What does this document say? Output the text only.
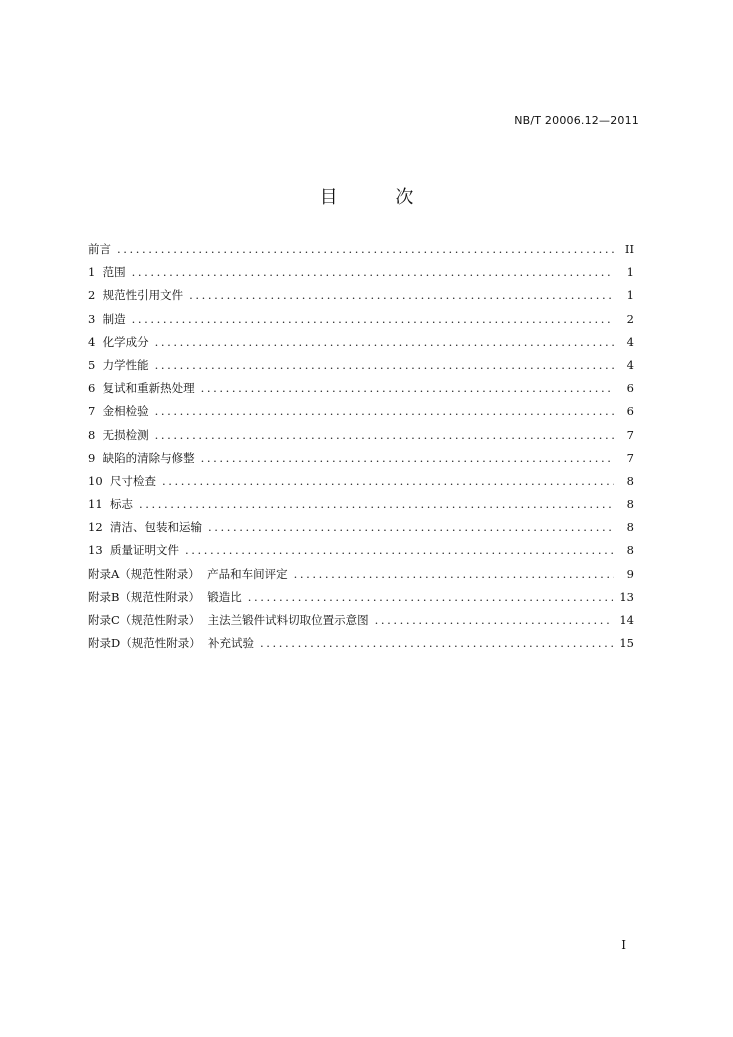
NB/T 20006.12—2011
目 次
前言 .....	II
1 范围 .....	1
2 规范性引用文件 .....	1
3 制造 .....	2
4 化学成分 .....	4
5 力学性能 .....	4
6 复试和重新热处理 .....	6
7 金相检验 .....	6
8 无损检测 .....	7
9 缺陷的清除与修整 .....	7
10 尺寸检查 .....	8
11 标志 .....	8
12 清洁、包装和运输 .....	8
13 质量证明文件 .....	8
附录A（规范性附录） 产品和车间评定 .....	9
附录B（规范性附录） 锻造比 .....	13
附录C（规范性附录） 主法兰锻件试料切取位置示意图 .....	14
附录D（规范性附录） 补充试验 .....	15
I
